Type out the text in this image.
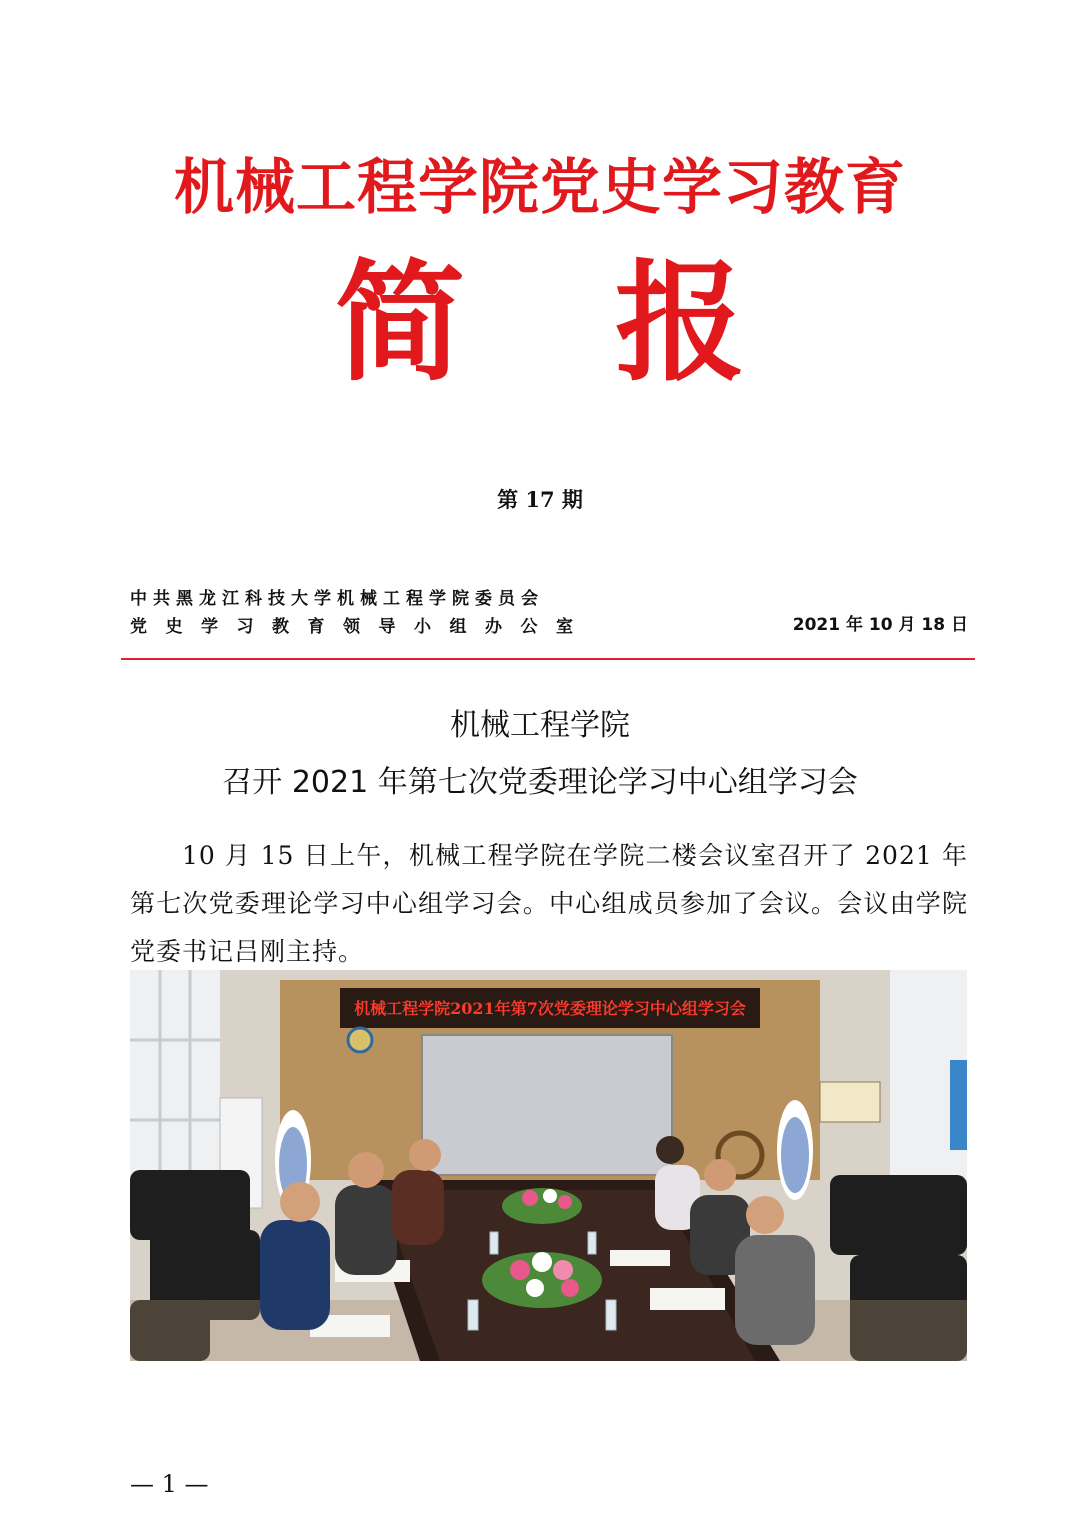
机械工程学院党史学习教育
简 报
第 17 期
中共黑龙江科技大学机械工程学院委员会
党史学习教育领导小组办公室	2021 年 10 月 18 日
机械工程学院
召开 2021 年第七次党委理论学习中心组学习会
10 月 15 日上午，机械工程学院在学院二楼会议室召开了 2021 年第七次党委理论学习中心组学习会。中心组成员参加了会议。会议由学院党委书记吕刚主持。
机械工程学院2021年第7次党委理论学习中心组学习会
— 1 —
